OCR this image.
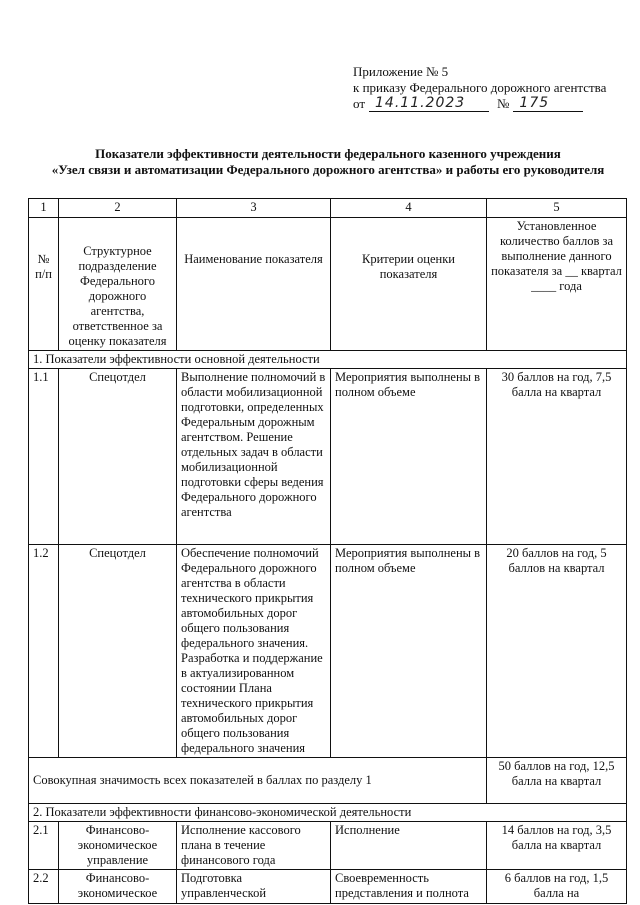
Приложение № 5
к приказу Федерального дорожного агентства
от 14.11.2023 № 175
Показатели эффективности деятельности федерального казенного учреждения
«Узел связи и автоматизации Федерального дорожного агентства» и работы его руководителя
1	2	3	4	5
№ п/п	Структурное подразделение Федерального дорожного агентства, ответственное за оценку показателя	Наименование показателя	Критерии оценки показателя	Установленное количество баллов за выполнение данного показателя за __ квартал ____ года
1. Показатели эффективности основной деятельности				
1.1	Спецотдел	Выполнение полномочий в области мобилизационной подготовки, определенных Федеральным дорожным агентством. Решение отдельных задач в области мобилизационной подготовки сферы ведения Федерального дорожного агентства	Мероприятия выполнены в полном объеме	30 баллов на год, 7,5 балла на квартал
1.2	Спецотдел	Обеспечение полномочий Федерального дорожного агентства в области технического прикрытия автомобильных дорог общего пользования федерального значения. Разработка и поддержание в актуализированном состоянии Плана технического прикрытия автомобильных дорог общего пользования федерального значения	Мероприятия выполнены в полном объеме	20 баллов на год, 5 баллов на квартал
Совокупная значимость всех показателей в баллах по разделу 1				50 баллов на год, 12,5 балла на квартал
2. Показатели эффективности финансово-экономической деятельности				
2.1	Финансово-экономическое управление	Исполнение кассового плана в течение финансового года	Исполнение	14 баллов на год, 3,5 балла на квартал
2.2	Финансово-экономическое	Подготовка управленческой	Своевременность представления и полнота	6 баллов на год, 1,5 балла на
